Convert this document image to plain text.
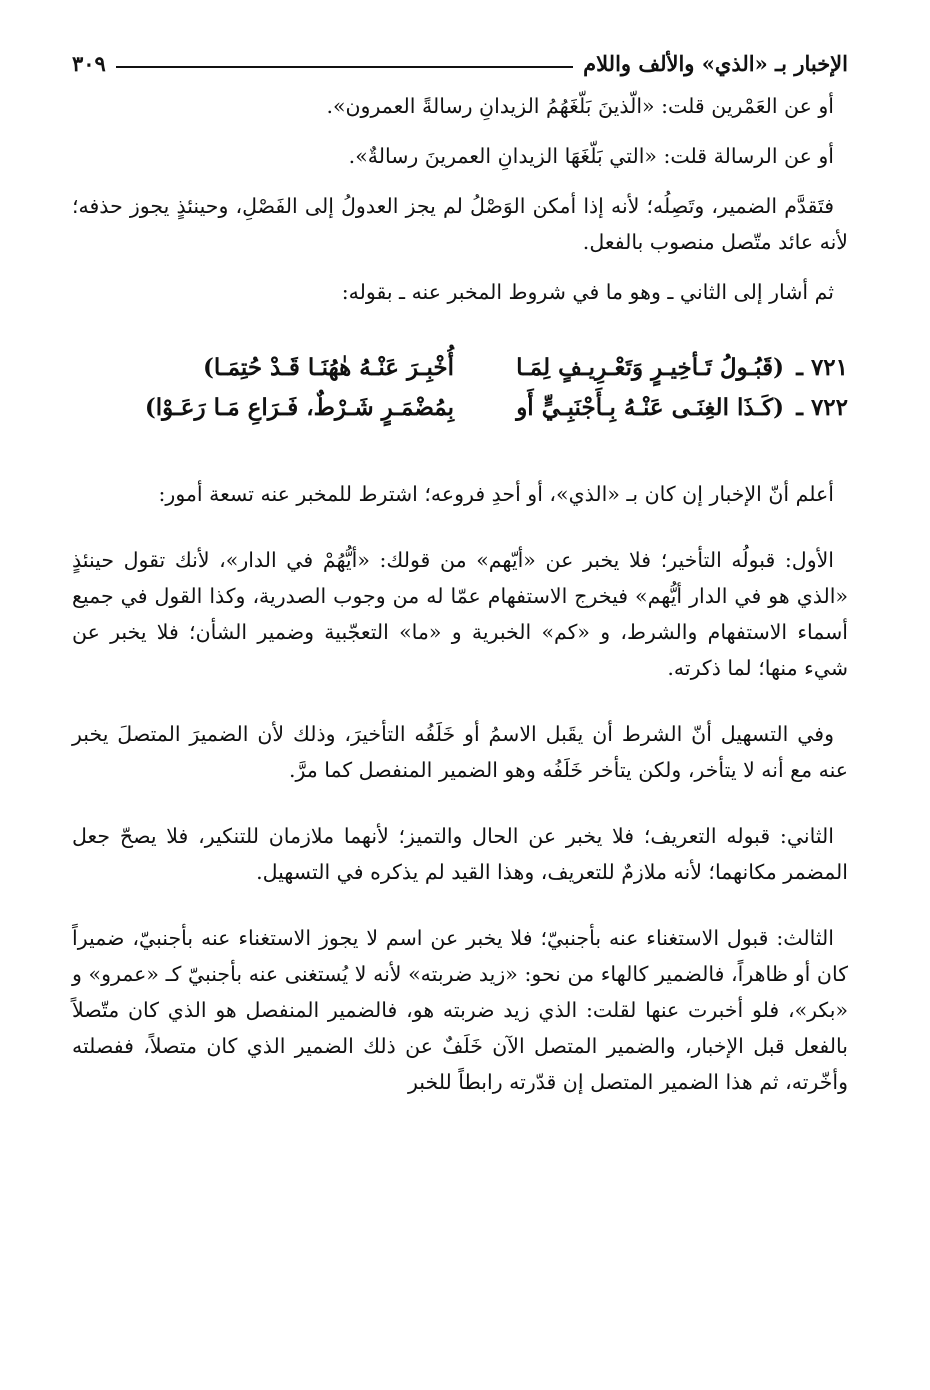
الإخبار بـ «الذي» والألف واللام
٣٠٩

أو عن العَمْرين قلت: «الّذينَ بَلّغَهُمُ الزيدانِ رسالةً العمرون».

أو عن الرسالة قلت: «التي بَلّغَهَا الزيدانِ العمرينَ رسالةٌ».

فتَقدَّم الضمير، وتَصِلُه؛ لأنه إذا أمكن الوَصْلُ لم يجز العدولُ إلى الفَصْلِ، وحينئذٍ يجوز حذفه؛ لأنه عائد متّصل منصوب بالفعل.

ثم أشار إلى الثاني ـ وهو ما في شروط المخبر عنه ـ بقوله:

٧٢١ ـ
(قَبُـولُ تَـأخِيـرٍ وَتَعْـرِيـفٍ لِمَـا
أُخْبِـرَ عَنْـهُ هٰهُنَـا قَـدْ حُتِمَـا)
٧٢٢ ـ
(كَـذَا الغِنَـى عَنْـهُ بِـأَجْنَبِـيٍّ أَو
بِمُضْمَـرٍ شَـرْطٌ، فَـرَاعِ مَـا رَعَـوْا)

أعلم أنّ الإخبار إن كان بـ «الذي»، أو أحدِ فروعه؛ اشترط للمخبر عنه تسعة أمور:

الأول: قبولُه التأخير؛ فلا يخبر عن «أيّهم» من قولك: «أيُّهُمْ في الدار»، لأنك تقول حينئذٍ «الذي هو في الدار أيُّهم» فيخرج الاستفهام عمّا له من وجوب الصدرية، وكذا القول في جميع أسماء الاستفهام والشرط، و «كم» الخبرية و «ما» التعجّبية وضمير الشأن؛ فلا يخبر عن شيء منها؛ لما ذكرته.

وفي التسهيل أنّ الشرط أن يقَبل الاسمُ أو خَلَفُه التأخيرَ، وذلك لأن الضميرَ المتصلَ يخبر عنه مع أنه لا يتأخر، ولكن يتأخر خَلَفُه وهو الضمير المنفصل كما مرَّ.

الثاني: قبوله التعريف؛ فلا يخبر عن الحال والتميز؛ لأنهما ملازمان للتنكير، فلا يصحّ جعل المضمر مكانهما؛ لأنه ملازمٌ للتعريف، وهذا القيد لم يذكره في التسهيل.

الثالث: قبول الاستغناء عنه بأجنبيّ؛ فلا يخبر عن اسم لا يجوز الاستغناء عنه بأجنبيّ، ضميراً كان أو ظاهراً، فالضمير كالهاء من نحو: «زيد ضربته» لأنه لا يُستغنى عنه بأجنبيّ كـ «عمرو» و «بكر»، فلو أخبرت عنها لقلت: الذي زيد ضربته هو، فالضمير المنفصل هو الذي كان متّصلاً بالفعل قبل الإخبار، والضمير المتصل الآن خَلَفٌ عن ذلك الضمير الذي كان متصلاً، ففصلته وأخّرته، ثم هذا الضمير المتصل إن قدّرته رابطاً للخبر
